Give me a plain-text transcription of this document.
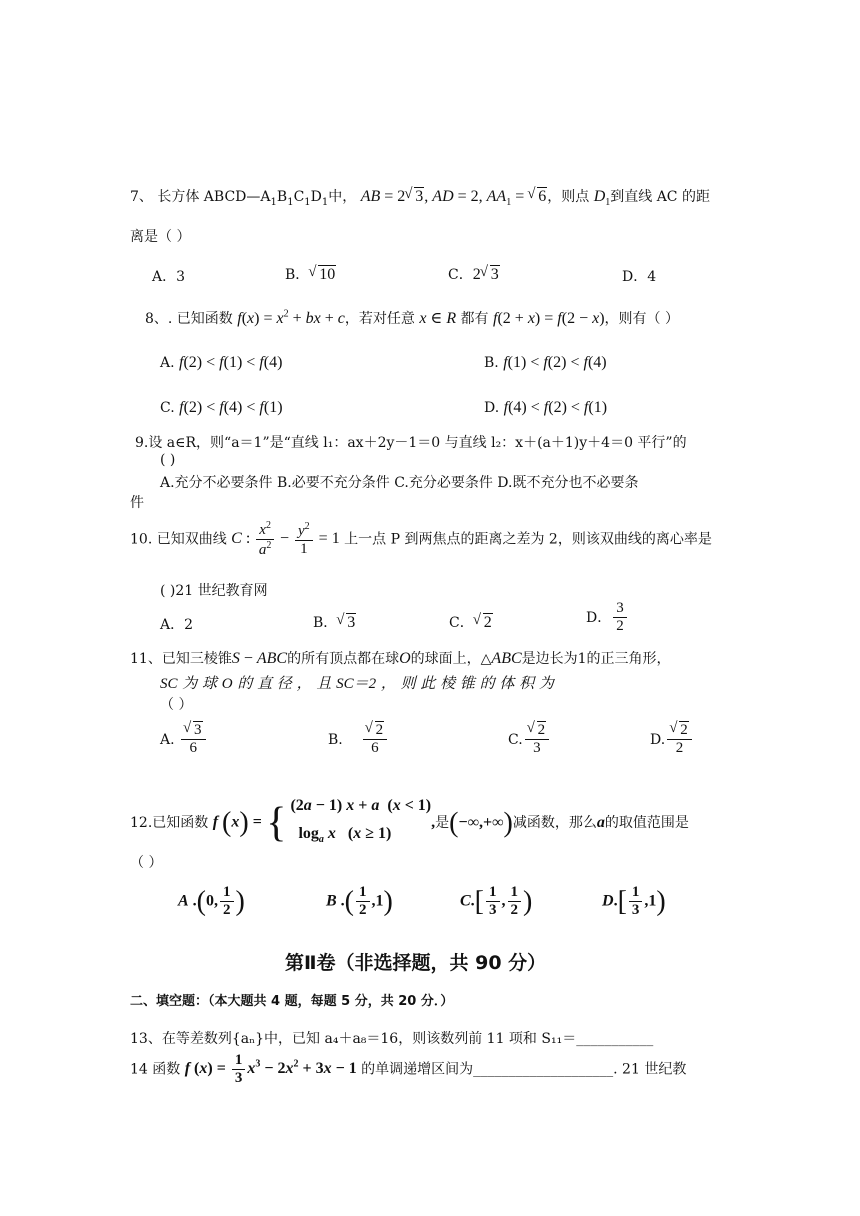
7、 长方体 $ABCD—A_1B_1C_1D_1$中， AB = 2 √ 3, AD = 2, $AA_1$ = √ 6，则点 $D_1$到直线 AC 的距
离是（ ）
A．3	B． √ 10	C．2 √ 3	D．4
8、. 已知函数 $f(x) = x^2$ + bx + c，若对任意 x ∈ R 都有 f(2 + x) = f(2 − x)，则有（ ）
A. f(2) < f(1) < f(4)	B. f(1) < f(2) < f(4)
C. f(2) < f(4) < f(1)	D. f(4) < f(2) < f(1)
9.设 a∈R，则“a＝1”是“直线 l₁：ax＋2y－1＝0 与直线 l₂：x＋(a＋1)y＋4＝0 平行”的
( )
A.充分不必要条件 B.必要不充分条件 C.充分必要条件 D.既不充分也不必要条
件
10. 已知双曲线 C : $\frac{x^2}{a^2} - \frac{y^2}{1} = 1$ 上一点 P 到两焦点的距离之差为 2，则该双曲线的离心率是
( )21 世纪教育网
A．2	B． √ 3	C． √ 2	D． $\frac{3}{2}$
11、已知三棱锥S − ABC的所有顶点都在球O的球面上，△ABC是边长为1的正三角形，
SC 为 球 O 的 直 径 ， 且 SC＝2 ， 则 此 棱 锥 的 体 积 为
（ ）
A. √ $\frac{3}{6}$	B. √ $\frac{2}{6}$	C. √ $\frac{2}{3}$	D. √ $\frac{2}{2}$
12.已知函数 f (x) = { (2a − 1) x + a  (x < 1)
$\log_a x$   (x ≥ 1),是(−∞,+∞)减函数，那么a的取值范围是
（ ）
A .(0, $\frac{1}{2}$ )	B .( $\frac{1}{2} ,1$)	$C.[ \frac{1}{3}$ , $\frac{1}{2}$ )	$D.[ \frac{1}{3} ,1)$
第Ⅱ卷（非选择题，共 90 分）
二、填空题：（本大题共 4 题，每题 5 分，共 20 分．）
13、在等差数列{aₙ}中，已知 a₄＋a₈＝16，则该数列前 11 项和 S₁₁＝___________
14 函数 f $(x) = \frac{1}{3} x^3 - 2x^2 + 3x - 1$ 的单调递增区间为____________________. 21 世纪教
